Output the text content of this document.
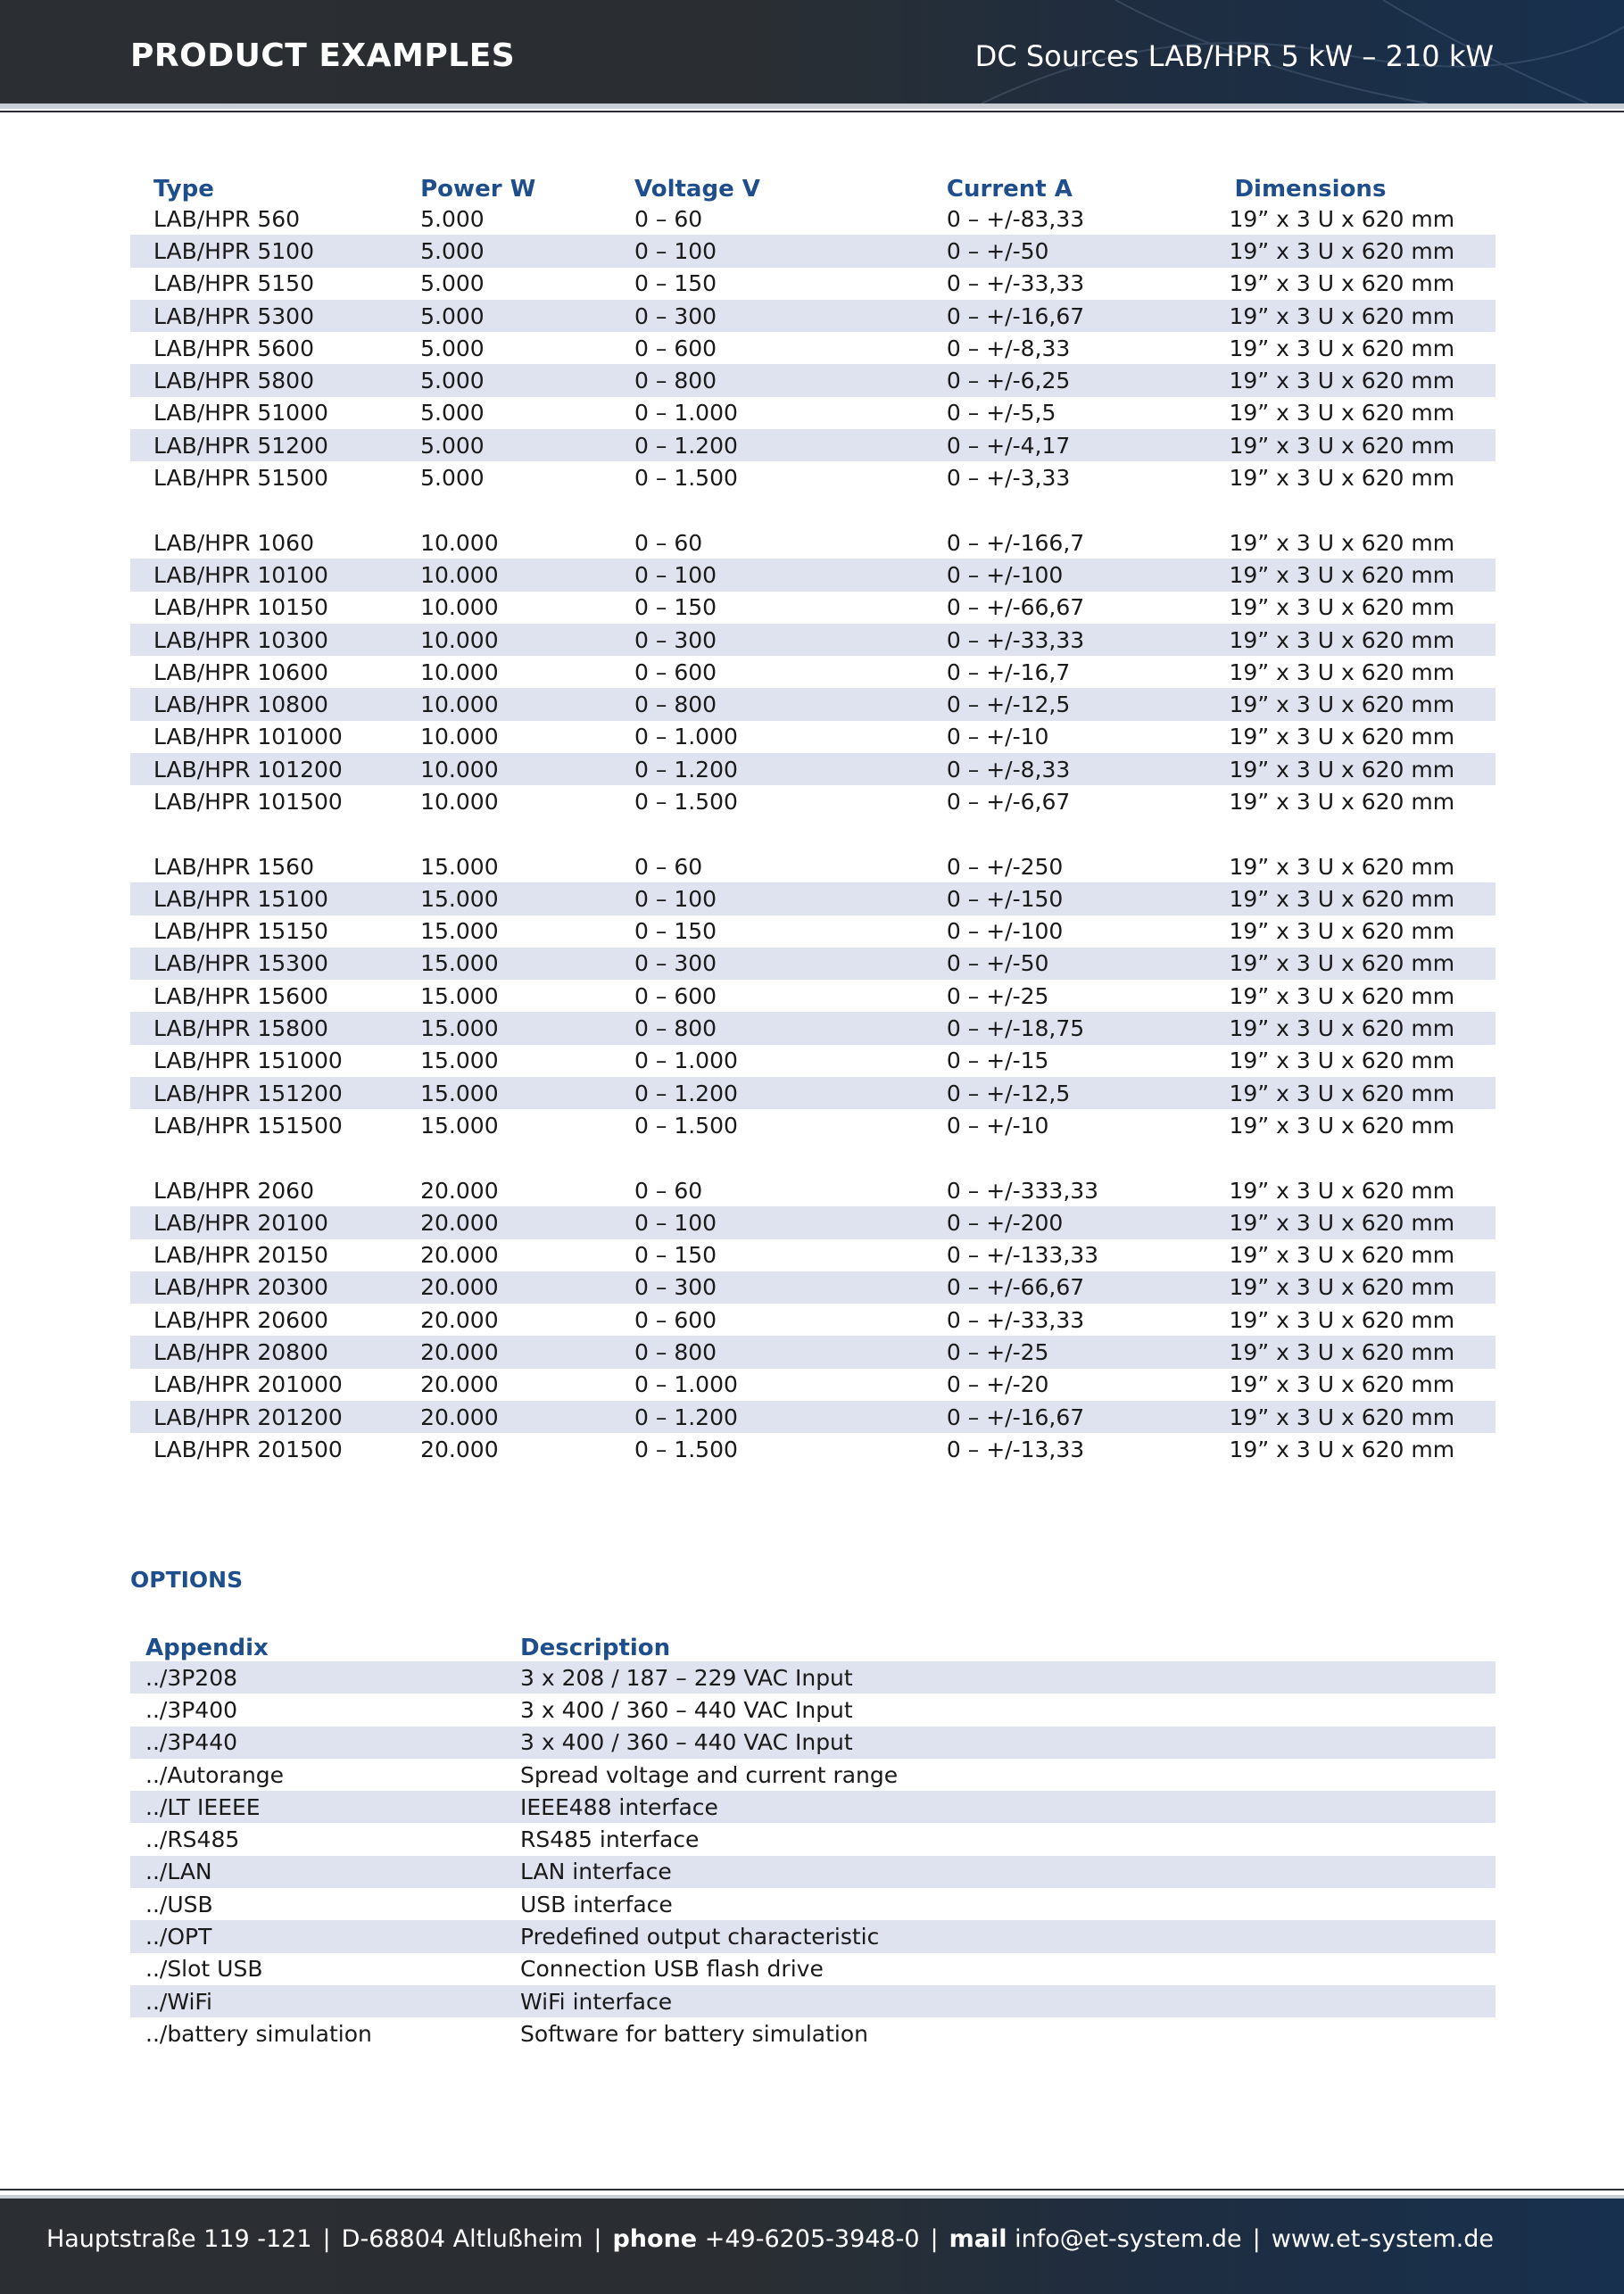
PRODUCT EXAMPLES	DC Sources LAB/HPR 5 kW – 210 kW
Type	Power W	Voltage V	Current A	Dimensions
LAB/HPR 560	5.000	0 – 60	0 – +/-83,33	19” x 3 U x 620 mm
LAB/HPR 5100	5.000	0 – 100	0 – +/-50	19” x 3 U x 620 mm
LAB/HPR 5150	5.000	0 – 150	0 – +/-33,33	19” x 3 U x 620 mm
LAB/HPR 5300	5.000	0 – 300	0 – +/-16,67	19” x 3 U x 620 mm
LAB/HPR 5600	5.000	0 – 600	0 – +/-8,33	19” x 3 U x 620 mm
LAB/HPR 5800	5.000	0 – 800	0 – +/-6,25	19” x 3 U x 620 mm
LAB/HPR 51000	5.000	0 – 1.000	0 – +/-5,5	19” x 3 U x 620 mm
LAB/HPR 51200	5.000	0 – 1.200	0 – +/-4,17	19” x 3 U x 620 mm
LAB/HPR 51500	5.000	0 – 1.500	0 – +/-3,33	19” x 3 U x 620 mm

LAB/HPR 1060	10.000	0 – 60	0 – +/-166,7	19” x 3 U x 620 mm
LAB/HPR 10100	10.000	0 – 100	0 – +/-100	19” x 3 U x 620 mm
LAB/HPR 10150	10.000	0 – 150	0 – +/-66,67	19” x 3 U x 620 mm
LAB/HPR 10300	10.000	0 – 300	0 – +/-33,33	19” x 3 U x 620 mm
LAB/HPR 10600	10.000	0 – 600	0 – +/-16,7	19” x 3 U x 620 mm
LAB/HPR 10800	10.000	0 – 800	0 – +/-12,5	19” x 3 U x 620 mm
LAB/HPR 101000	10.000	0 – 1.000	0 – +/-10	19” x 3 U x 620 mm
LAB/HPR 101200	10.000	0 – 1.200	0 – +/-8,33	19” x 3 U x 620 mm
LAB/HPR 101500	10.000	0 – 1.500	0 – +/-6,67	19” x 3 U x 620 mm

LAB/HPR 1560	15.000	0 – 60	0 – +/-250	19” x 3 U x 620 mm
LAB/HPR 15100	15.000	0 – 100	0 – +/-150	19” x 3 U x 620 mm
LAB/HPR 15150	15.000	0 – 150	0 – +/-100	19” x 3 U x 620 mm
LAB/HPR 15300	15.000	0 – 300	0 – +/-50	19” x 3 U x 620 mm
LAB/HPR 15600	15.000	0 – 600	0 – +/-25	19” x 3 U x 620 mm
LAB/HPR 15800	15.000	0 – 800	0 – +/-18,75	19” x 3 U x 620 mm
LAB/HPR 151000	15.000	0 – 1.000	0 – +/-15	19” x 3 U x 620 mm
LAB/HPR 151200	15.000	0 – 1.200	0 – +/-12,5	19” x 3 U x 620 mm
LAB/HPR 151500	15.000	0 – 1.500	0 – +/-10	19” x 3 U x 620 mm

LAB/HPR 2060	20.000	0 – 60	0 – +/-333,33	19” x 3 U x 620 mm
LAB/HPR 20100	20.000	0 – 100	0 – +/-200	19” x 3 U x 620 mm
LAB/HPR 20150	20.000	0 – 150	0 – +/-133,33	19” x 3 U x 620 mm
LAB/HPR 20300	20.000	0 – 300	0 – +/-66,67	19” x 3 U x 620 mm
LAB/HPR 20600	20.000	0 – 600	0 – +/-33,33	19” x 3 U x 620 mm
LAB/HPR 20800	20.000	0 – 800	0 – +/-25	19” x 3 U x 620 mm
LAB/HPR 201000	20.000	0 – 1.000	0 – +/-20	19” x 3 U x 620 mm
LAB/HPR 201200	20.000	0 – 1.200	0 – +/-16,67	19” x 3 U x 620 mm
LAB/HPR 201500	20.000	0 – 1.500	0 – +/-13,33	19” x 3 U x 620 mm
OPTIONS
Appendix	Description
../3P208	3 x 208 / 187 – 229 VAC Input
../3P400	3 x 400 / 360 – 440 VAC Input
../3P440	3 x 400 / 360 – 440 VAC Input
../Autorange	Spread voltage and current range
../LT IEEEE	IEEE488 interface
../RS485	RS485 interface
../LAN	LAN interface
../USB	USB interface
../OPT	Predefined output characteristic
../Slot USB	Connection USB flash drive
../WiFi	WiFi interface
../battery simulation	Software for battery simulation
Hauptstraße 119 -121 | D-68804 Altlußheim | phone +49-6205-3948-0 | mail info@et-system.de | www.et-system.de
